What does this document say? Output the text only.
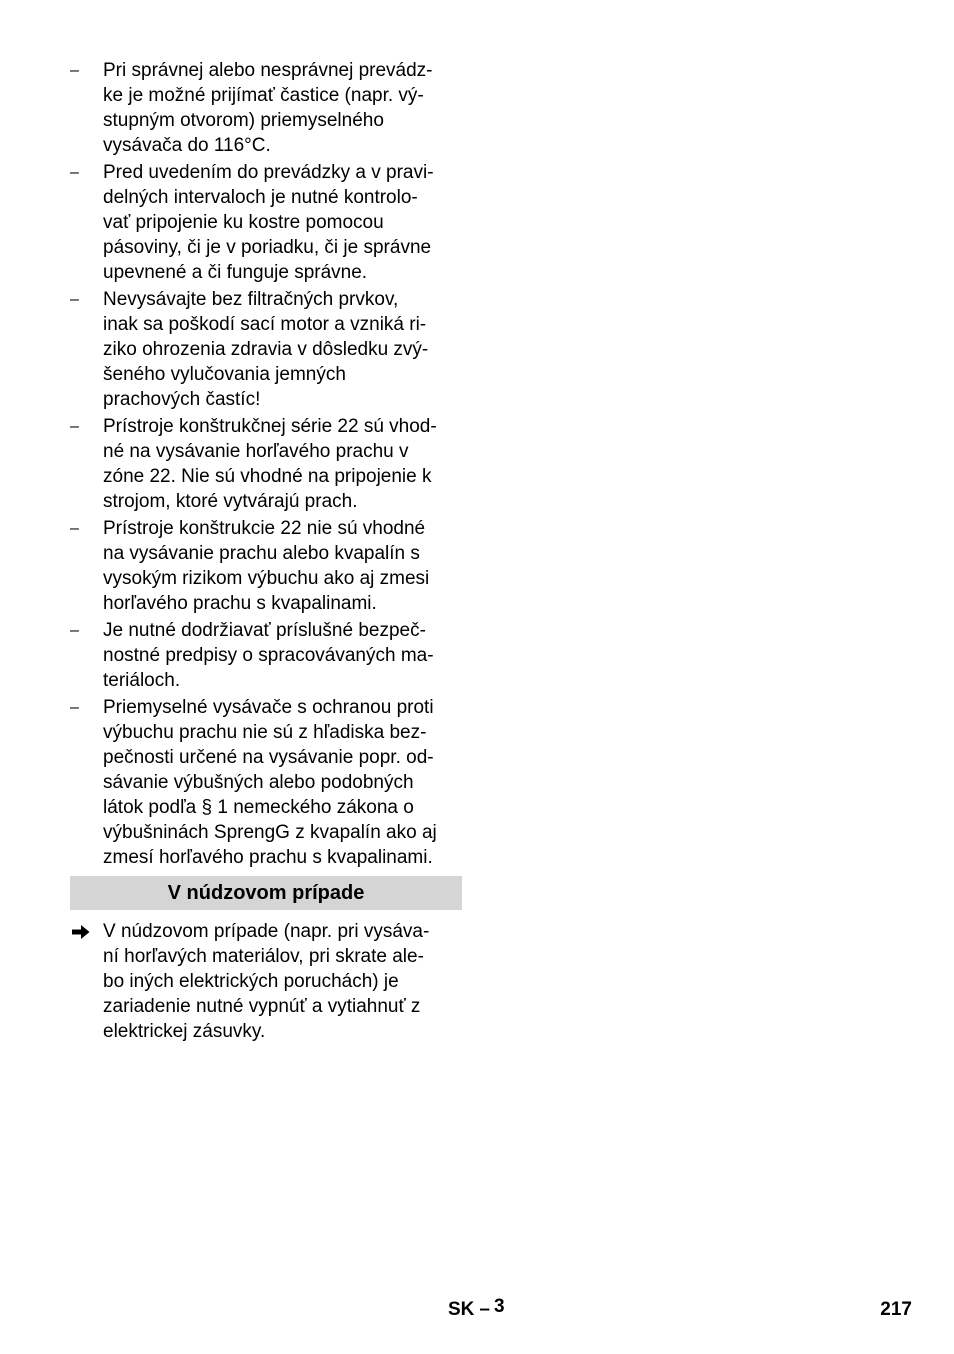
–	Pri správnej alebo nesprávnej prevádz-
ke je možné prijímať častice (napr. vý-
stupným otvorom) priemyselného
vysávača do 116°C.
–	Pred uvedením do prevádzky a v pravi-
delných intervaloch je nutné kontrolo-
vať pripojenie ku kostre pomocou
pásoviny, či je v poriadku, či je správne
upevnené a či funguje správne.
–	Nevysávajte bez filtračných prvkov,
inak sa poškodí sací motor a vzniká ri-
ziko ohrozenia zdravia v dôsledku zvý-
šeného vylučovania jemných
prachových častíc!
–	Prístroje konštrukčnej série 22 sú vhod-
né na vysávanie horľavého prachu v
zóne 22. Nie sú vhodné na pripojenie k
strojom, ktoré vytvárajú prach.
–	Prístroje konštrukcie 22 nie sú vhodné
na vysávanie prachu alebo kvapalín s
vysokým rizikom výbuchu ako aj zmesi
horľavého prachu s kvapalinami.
–	Je nutné dodržiavať príslušné bezpeč-
nostné predpisy o spracovávaných ma-
teriáloch.
–	Priemyselné vysávače s ochranou proti
výbuchu prachu nie sú z hľadiska bez-
pečnosti určené na vysávanie popr. od-
sávanie výbušných alebo podobných
látok podľa § 1 nemeckého zákona o
výbušninách SprengG z kvapalín ako aj
zmesí horľavého prachu s kvapalinami.
V núdzovom prípade
V núdzovom prípade (napr. pri vysáva-
ní horľavých materiálov, pri skrate ale-
bo iných elektrických poruchách) je
zariadenie nutné vypnúť a vytiahnuť z
elektrickej zásuvky.
SK – 3	217
